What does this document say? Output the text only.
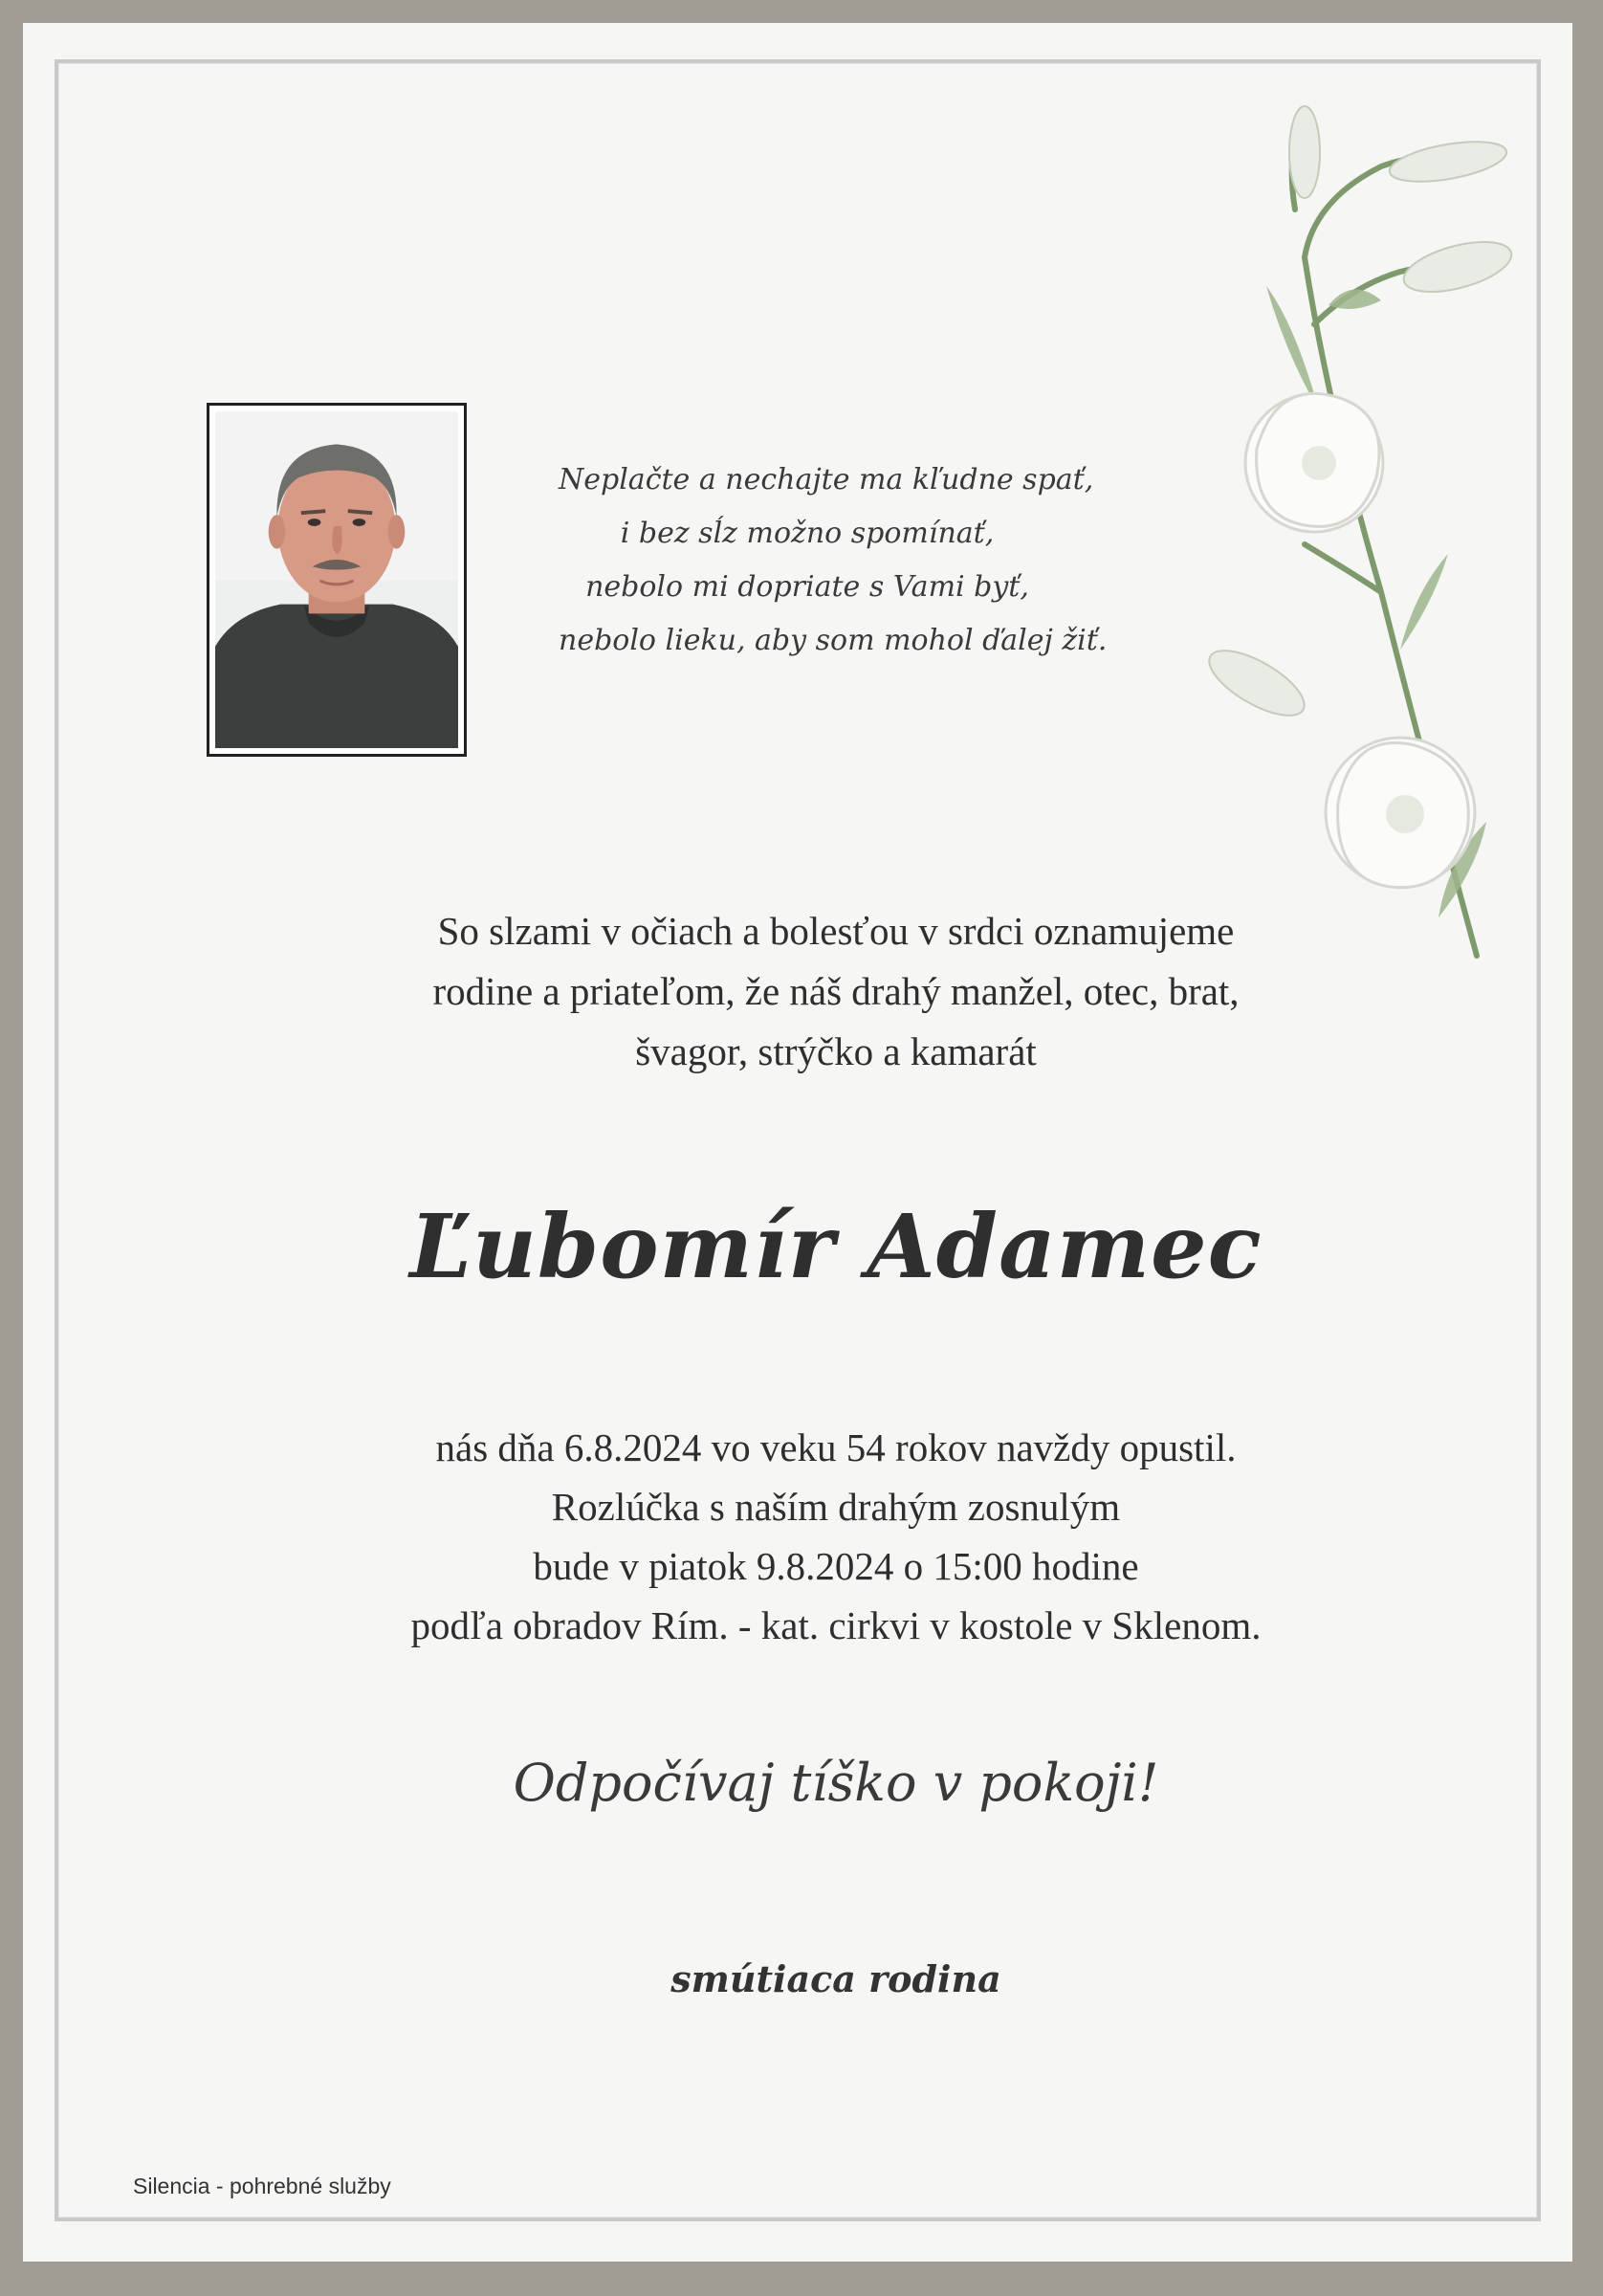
Neplačte a nechajte ma kľudne spať,
i bez sĺz možno spomínať,
nebolo mi dopriate s Vami byť,
nebolo lieku, aby som mohol ďalej žiť.
So slzami v očiach a bolesťou v srdci oznamujeme
rodine a priateľom, že náš drahý manžel, otec, brat,
švagor, strýčko a kamarát
Ľubomír Adamec
nás dňa 6.8.2024 vo veku 54 rokov navždy opustil.
Rozlúčka s naším drahým zosnulým
bude v piatok 9.8.2024 o 15:00 hodine
podľa obradov Rím. - kat. cirkvi v kostole v Sklenom.
Odpočívaj tíško v pokoji!
smútiaca rodina
Silencia - pohrebné služby
